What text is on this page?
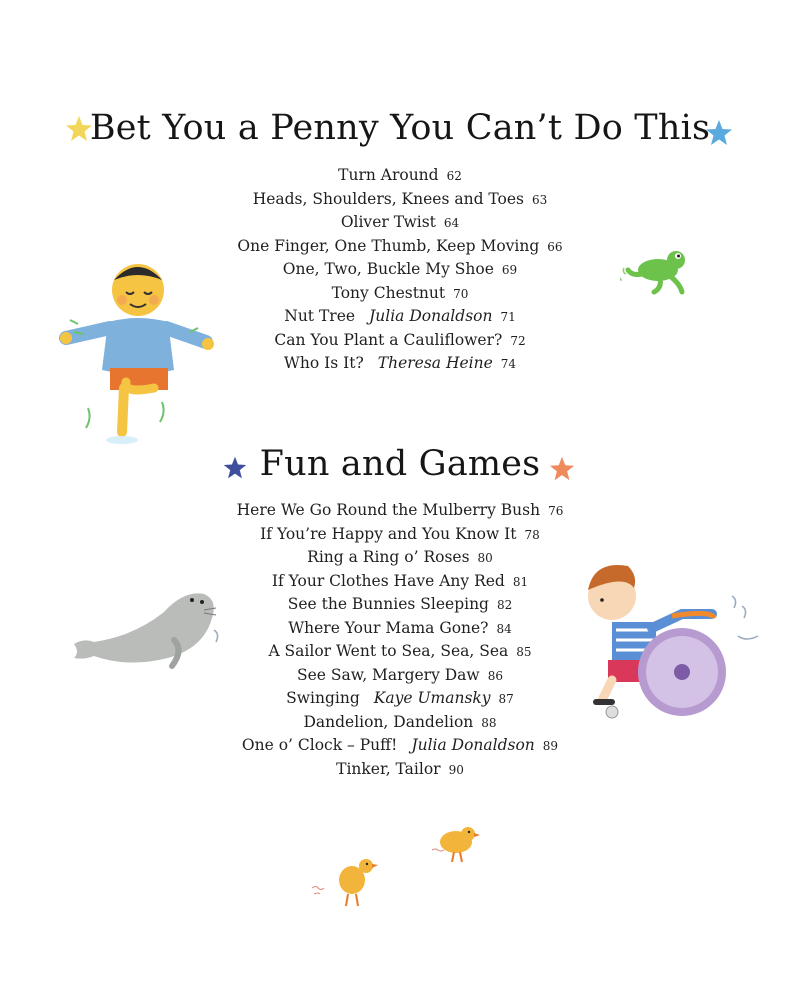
Bet You a Penny You Can’t Do This
Turn Around 62
Heads, Shoulders, Knees and Toes 63
Oliver Twist 64
One Finger, One Thumb, Keep Moving 66
One, Two, Buckle My Shoe 69
Tony Chestnut 70
Nut Tree Julia Donaldson 71
Can You Plant a Cauliflower? 72
Who Is It? Theresa Heine 74
Fun and Games
Here We Go Round the Mulberry Bush 76
If You’re Happy and You Know It 78
Ring a Ring o’ Roses 80
If Your Clothes Have Any Red 81
See the Bunnies Sleeping 82
Where Your Mama Gone? 84
A Sailor Went to Sea, Sea, Sea 85
See Saw, Margery Daw 86
Swinging Kaye Umansky 87
Dandelion, Dandelion 88
One o’ Clock – Puff! Julia Donaldson 89
Tinker, Tailor 90
